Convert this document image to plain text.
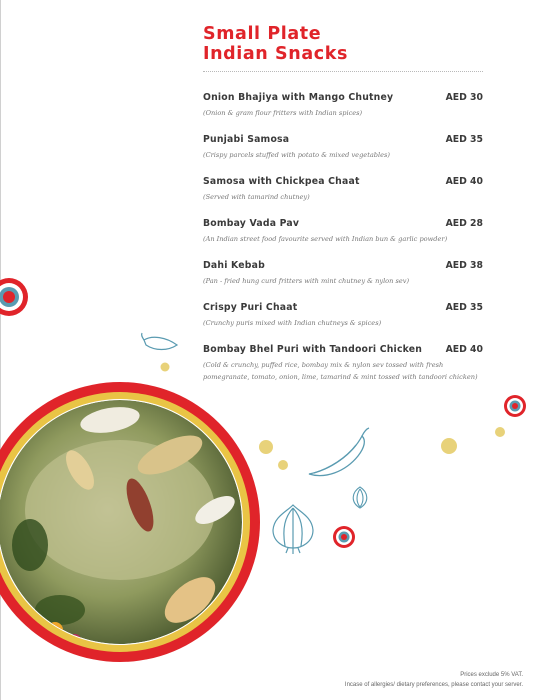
Small Plate
Indian Snacks
Onion Bhajiya with Mango Chutney	AED 30
(Onion & gram flour fritters with Indian spices)
Punjabi Samosa	AED 35
(Crispy parcels stuffed with potato & mixed vegetables)
Samosa with Chickpea Chaat	AED 40
(Served with tamarind chutney)
Bombay Vada Pav	AED 28
(An Indian street food favourite served with Indian bun & garlic powder)
Dahi Kebab	AED 38
(Pan - fried hung curd fritters with mint chutney & nylon sev)
Crispy Puri Chaat	AED 35
(Crunchy puris mixed with Indian chutneys & spices)
Bombay Bhel Puri with Tandoori Chicken	AED 40
(Cold & crunchy, puffed rice, bombay mix & nylon sev tossed with fresh pomegranate, tomato, onion, lime, tamarind & mint tossed with tandoori chicken)
Prices exclude 5% VAT.
Incase of allergies/ dietary preferences, please contact your server.
